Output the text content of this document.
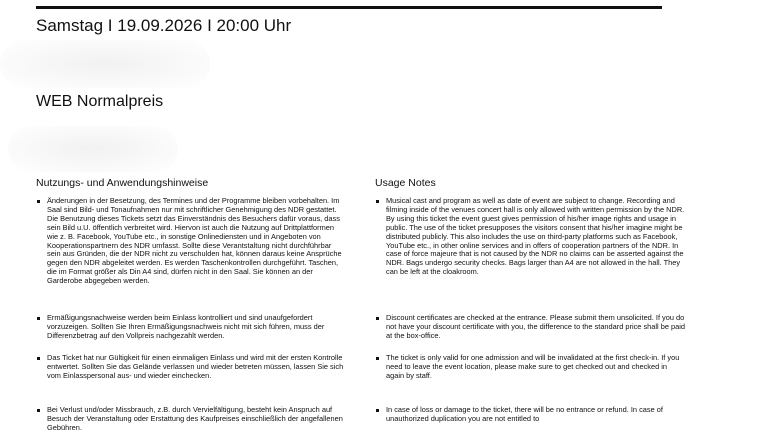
Samstag I 19.09.2026 I 20:00 Uhr
WEB Normalpreis
Nutzungs- und Anwendungshinweise
Änderungen in der Besetzung, des Termines und der Programme bleiben vorbehalten. Im Saal sind Bild- und Tonaufnahmen nur mit schriftlicher Genehmigung des NDR gestattet. Die Benutzung dieses Tickets setzt das Einverständnis des Besuchers dafür voraus, dass sein Bild u.U. öffentlich verbreitet wird. Hiervon ist auch die Nutzung auf Drittplattformen wie z. B. Facebook, YouTube etc., in sonstige Onlinediensten und in Angeboten von Kooperationspartnern des NDR umfasst. Sollte diese Verantstaltung nicht durchführbar sein aus Gründen, die der NDR nicht zu verschulden hat, können daraus keine Ansprüche gegen den NDR abgeleitet werden. Es werden Taschenkontrollen durchgeführt. Taschen, die im Format größer als Din A4 sind, dürfen nicht in den Saal. Sie können an der Garderobe abgegeben werden.
Ermäßigungsnachweise werden beim Einlass kontrolliert und sind unaufgefordert vorzuzeigen. Sollten Sie Ihren Ermäßigungsnachweis nicht mit sich führen, muss der Differenzbetrag auf den Vollpreis nachgezahlt werden.
Das Ticket hat nur Gültigkeit für einen einmaligen Einlass und wird mit der ersten Kontrolle entwertet. Sollten Sie das Gelände verlassen und wieder betreten müssen, lassen Sie sich vom Einlasspersonal aus- und wieder einchecken.
Bei Verlust und/oder Missbrauch, z.B. durch Vervielfältigung, besteht kein Anspruch auf Besuch der Veranstaltung oder Erstattung des Kaufpreises einschließlich der angefallenen Gebühren.
Usage Notes
Musical cast and program as well as date of event are subject to change. Recording and filming inside of the venues concert hall is only allowed with written permission by the NDR. By using this ticket the event guest gives permission of his/her image rights and usage in public. The use of the ticket presupposes the visitors consent that his/her imagine might be distributed publicly. This also includes the use on third-party platforms such as Facebook, YouTube etc., in other online services and in offers of cooperation partners of the NDR. In case of force majeure that is not caused by the NDR no claims can be asserted against the NDR. Bags undergo security checks. Bags larger than A4 are not allowed in the hall. They can be left at the cloakroom.
Discount certificates are checked at the entrance. Please submit them unsolicited. If you do not have your discount certificate with you, the difference to the standard price shall be paid at the box-office.
The ticket is only valid for one admission and will be invalidated at the first check-in. If you need to leave the event location, please make sure to get checked out and checked in again by staff.
In case of loss or damage to the ticket, there will be no entrance or refund. In case of unauthorized duplication you are not entitled to
